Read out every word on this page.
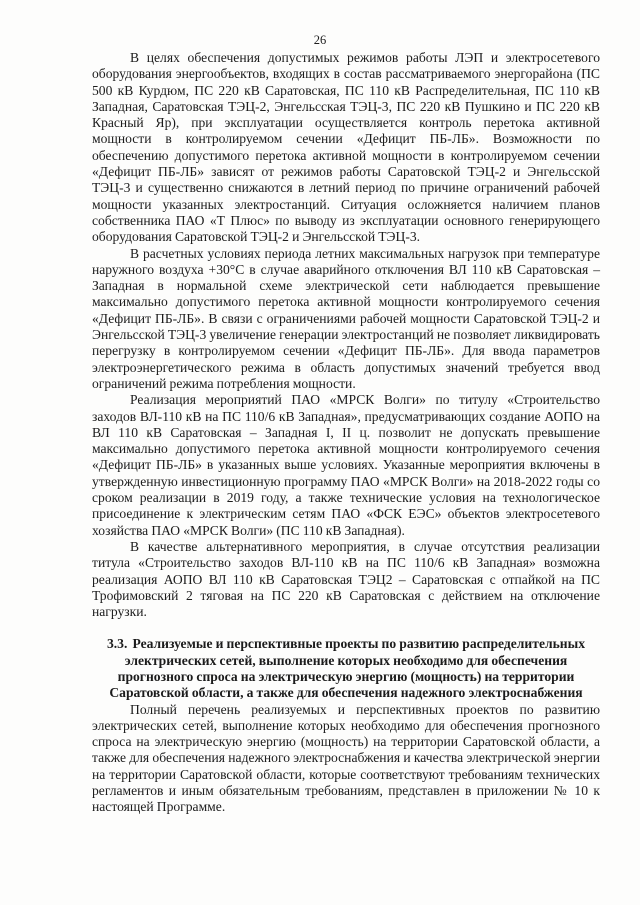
26

В целях обеспечения допустимых режимов работы ЛЭП и электросетевого оборудования энергообъектов, входящих в состав рассматриваемого энергорайона (ПС 500 кВ Курдюм, ПС 220 кВ Саратовская, ПС 110 кВ Распределительная, ПС 110 кВ Западная, Саратовская ТЭЦ-2, Энгельсская ТЭЦ-3, ПС 220 кВ Пушкино и ПС 220 кВ Красный Яр), при эксплуатации осуществляется контроль перетока активной мощности в контролируемом сечении «Дефицит ПБ-ЛБ». Возможности по обеспечению допустимого перетока активной мощности в контролируемом сечении «Дефицит ПБ-ЛБ» зависят от режимов работы Саратовской ТЭЦ-2 и Энгельсской ТЭЦ-3 и существенно снижаются в летний период по причине ограничений рабочей мощности указанных электростанций. Ситуация осложняется наличием планов собственника ПАО «Т Плюс» по выводу из эксплуатации основного генерирующего оборудования Саратовской ТЭЦ-2 и Энгельсской ТЭЦ-3.

В расчетных условиях периода летних максимальных нагрузок при температуре наружного воздуха +30°С в случае аварийного отключения ВЛ 110 кВ Саратовская – Западная в нормальной схеме электрической сети наблюдается превышение максимально допустимого перетока активной мощности контролируемого сечения «Дефицит ПБ-ЛБ». В связи с ограничениями рабочей мощности Саратовской ТЭЦ-2 и Энгельсской ТЭЦ-3 увеличение генерации электростанций не позволяет ликвидировать перегрузку в контролируемом сечении «Дефицит ПБ-ЛБ». Для ввода параметров электроэнергетического режима в область допустимых значений требуется ввод ограничений режима потребления мощности.

Реализация мероприятий ПАО «МРСК Волги» по титулу «Строительство заходов ВЛ-110 кВ на ПС 110/6 кВ Западная», предусматривающих создание АОПО на ВЛ 110 кВ Саратовская – Западная I, II ц. позволит не допускать превышение максимально допустимого перетока активной мощности контролируемого сечения «Дефицит ПБ-ЛБ» в указанных выше условиях. Указанные мероприятия включены в утвержденную инвестиционную программу ПАО «МРСК Волги» на 2018-2022 годы со сроком реализации в 2019 году, а также технические условия на технологическое присоединение к электрическим сетям ПАО «ФСК ЕЭС» объектов электросетевого хозяйства ПАО «МРСК Волги» (ПС 110 кВ Западная).

В качестве альтернативного мероприятия, в случае отсутствия реализации титула «Строительство заходов ВЛ-110 кВ на ПС 110/6 кВ Западная» возможна реализация АОПО ВЛ 110 кВ Саратовская ТЭЦ2 – Саратовская с отпайкой на ПС Трофимовский 2 тяговая на ПС 220 кВ Саратовская с действием на отключение нагрузки.

3.3. Реализуемые и перспективные проекты по развитию распределительных электрических сетей, выполнение которых необходимо для обеспечения прогнозного спроса на электрическую энергию (мощность) на территории Саратовской области, а также для обеспечения надежного электроснабжения

Полный перечень реализуемых и перспективных проектов по развитию электрических сетей, выполнение которых необходимо для обеспечения прогнозного спроса на электрическую энергию (мощность) на территории Саратовской области, а также для обеспечения надежного электроснабжения и качества электрической энергии на территории Саратовской области, которые соответствуют требованиям технических регламентов и иным обязательным требованиям, представлен в приложении № 10 к настоящей Программе.
